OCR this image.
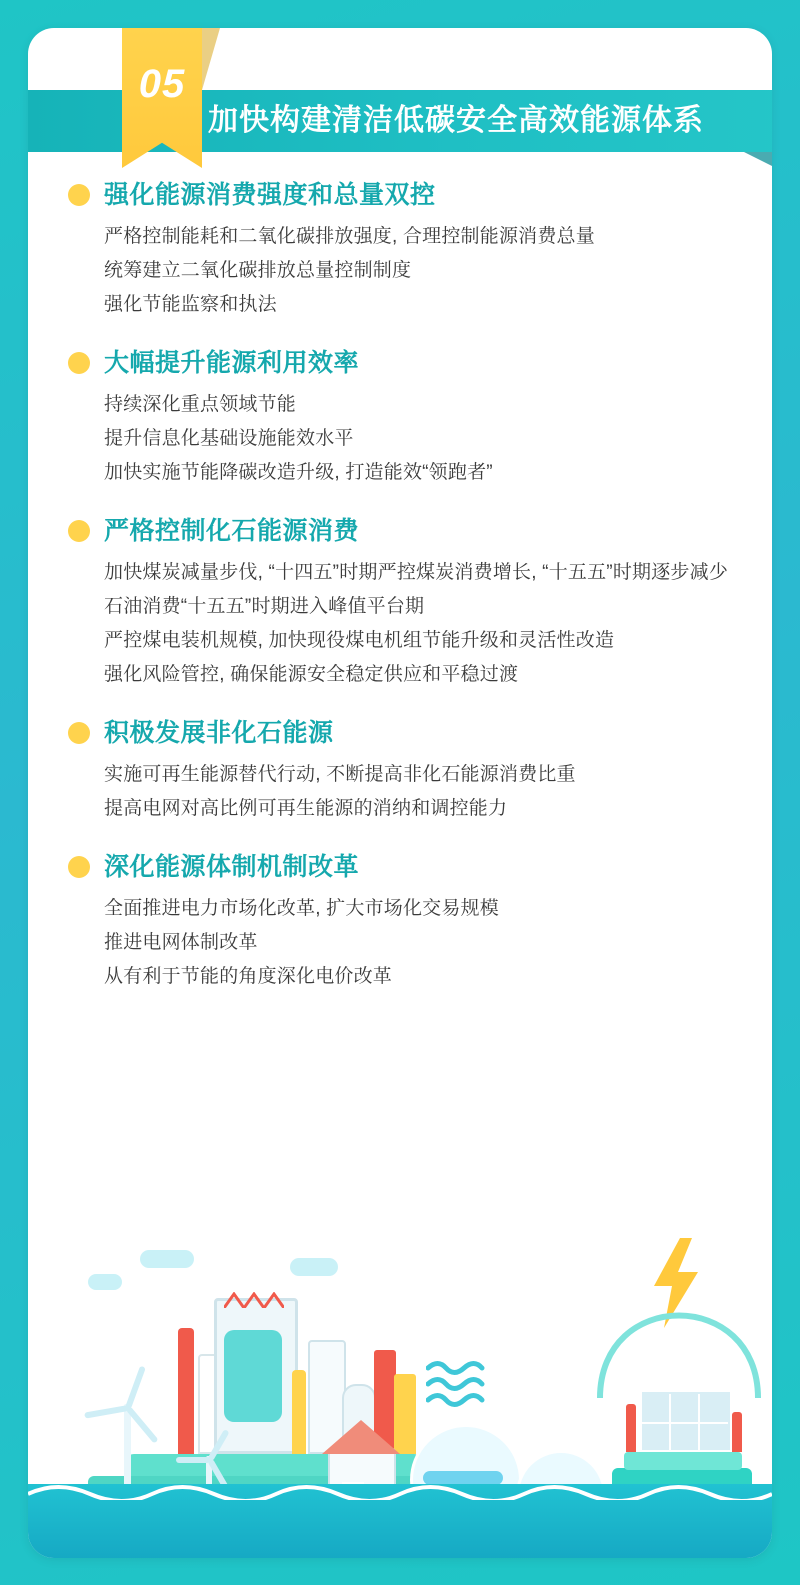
05
加快构建清洁低碳安全高效能源体系
强化能源消费强度和总量双控
严格控制能耗和二氧化碳排放强度, 合理控制能源消费总量
统筹建立二氧化碳排放总量控制制度
强化节能监察和执法
大幅提升能源利用效率
持续深化重点领域节能
提升信息化基础设施能效水平
加快实施节能降碳改造升级, 打造能效“领跑者”
严格控制化石能源消费
加快煤炭减量步伐, “十四五”时期严控煤炭消费增长, “十五五”时期逐步减少
石油消费“十五五”时期进入峰值平台期
严控煤电装机规模, 加快现役煤电机组节能升级和灵活性改造
强化风险管控, 确保能源安全稳定供应和平稳过渡
积极发展非化石能源
实施可再生能源替代行动, 不断提高非化石能源消费比重
提高电网对高比例可再生能源的消纳和调控能力
深化能源体制机制改革
全面推进电力市场化改革, 扩大市场化交易规模
推进电网体制改革
从有利于节能的角度深化电价改革
